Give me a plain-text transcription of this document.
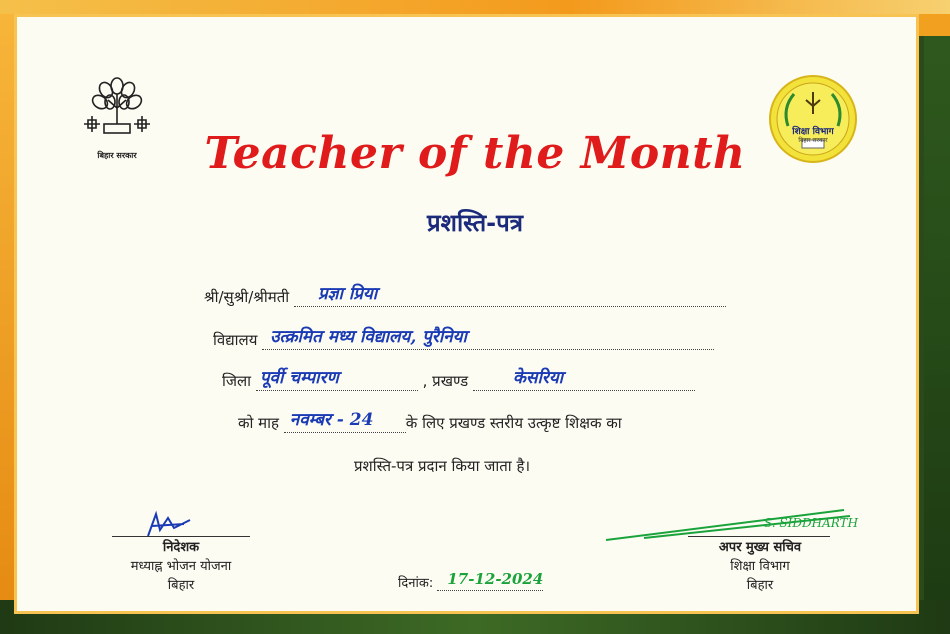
बिहार सरकार
शिक्षा विभाग
बिहार सरकार
Teacher of the Month
प्रशस्ति-पत्र
श्री/सुश्री/श्रीमती प्रज्ञा प्रिया
विद्यालय उत्क्रमित मध्य विद्यालय, पुरैनिया
जिला पूर्वी चम्पारण	, प्रखण्ड	केसरिया
को माह नवम्बर - 24 के लिए प्रखण्ड स्तरीय उत्कृष्ट शिक्षक का
प्रशस्ति-पत्र प्रदान किया जाता है।
निदेशक
मध्याह्न भोजन योजना
बिहार	दिनांक: 17-12-2024
S. SIDDHARTH
अपर मुख्य सचिव
शिक्षा विभाग
बिहार
